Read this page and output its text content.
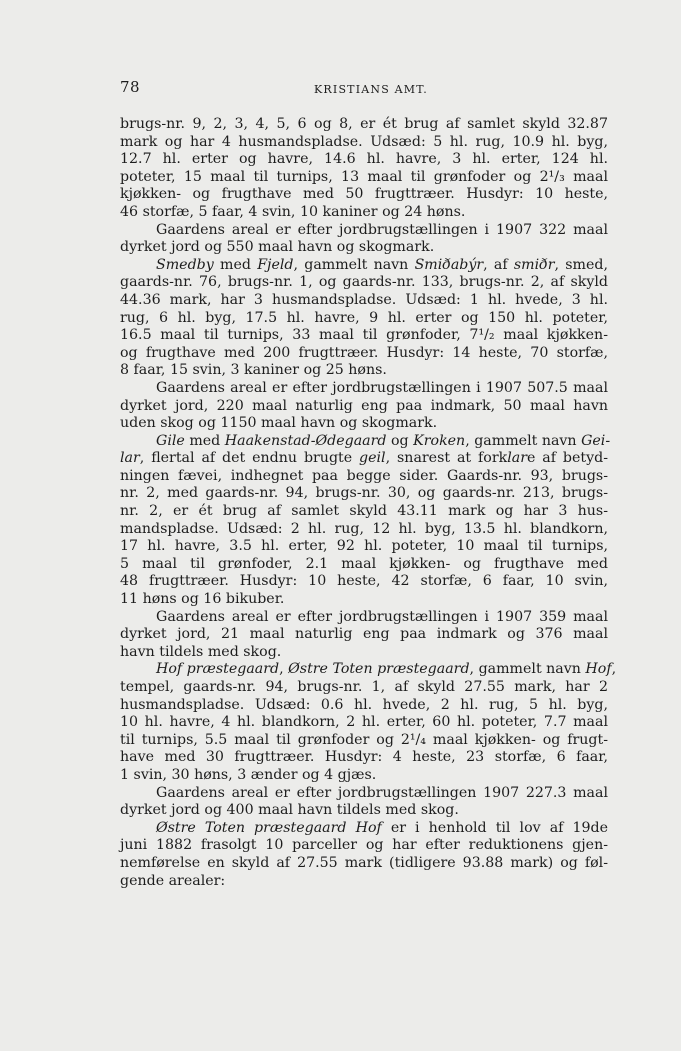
78	KRISTIANS AMT.
brugs-nr. 9, 2, 3, 4, 5, 6 og 8, er ét brug af samlet skyld 32.87
mark og har 4 husmandspladse. Udsæd: 5 hl. rug, 10.9 hl. byg,
12.7 hl. erter og havre, 14.6 hl. havre, 3 hl. erter, 124 hl.
poteter, 15 maal til turnips, 13 maal til grønfoder og 2¹/₃ maal
kjøkken- og frugthave med 50 frugttræer. Husdyr: 10 heste,
46 storfæ, 5 faar, 4 svin, 10 kaniner og 24 høns.
Gaardens areal er efter jordbrugstællingen i 1907 322 maal
dyrket jord og 550 maal havn og skogmark.
Smedby med Fjeld, gammelt navn Smiðabýr, af smiðr, smed,
gaards-nr. 76, brugs-nr. 1, og gaards-nr. 133, brugs-nr. 2, af skyld
44.36 mark, har 3 husmandspladse. Udsæd: 1 hl. hvede, 3 hl.
rug, 6 hl. byg, 17.5 hl. havre, 9 hl. erter og 150 hl. poteter,
16.5 maal til turnips, 33 maal til grønfoder, 7¹/₂ maal kjøkken-
og frugthave med 200 frugttræer. Husdyr: 14 heste, 70 storfæ,
8 faar, 15 svin, 3 kaniner og 25 høns.
Gaardens areal er efter jordbrugstællingen i 1907 507.5 maal
dyrket jord, 220 maal naturlig eng paa indmark, 50 maal havn
uden skog og 1150 maal havn og skogmark.
Gile med Haakenstad-Ødegaard og Kroken, gammelt navn Gei-
lar, flertal af det endnu brugte geil, snarest at forklare af betyd-
ningen fævei, indhegnet paa begge sider. Gaards-nr. 93, brugs-
nr. 2, med gaards-nr. 94, brugs-nr. 30, og gaards-nr. 213, brugs-
nr. 2, er ét brug af samlet skyld 43.11 mark og har 3 hus-
mandspladse. Udsæd: 2 hl. rug, 12 hl. byg, 13.5 hl. blandkorn,
17 hl. havre, 3.5 hl. erter, 92 hl. poteter, 10 maal til turnips,
5 maal til grønfoder, 2.1 maal kjøkken- og frugthave med
48 frugttræer. Husdyr: 10 heste, 42 storfæ, 6 faar, 10 svin,
11 høns og 16 bikuber.
Gaardens areal er efter jordbrugstællingen i 1907 359 maal
dyrket jord, 21 maal naturlig eng paa indmark og 376 maal
havn tildels med skog.
Hof præstegaard, Østre Toten præstegaard, gammelt navn Hof,
tempel, gaards-nr. 94, brugs-nr. 1, af skyld 27.55 mark, har 2
husmandspladse. Udsæd: 0.6 hl. hvede, 2 hl. rug, 5 hl. byg,
10 hl. havre, 4 hl. blandkorn, 2 hl. erter, 60 hl. poteter, 7.7 maal
til turnips, 5.5 maal til grønfoder og 2¹/₄ maal kjøkken- og frugt-
have med 30 frugttræer. Husdyr: 4 heste, 23 storfæ, 6 faar,
1 svin, 30 høns, 3 ænder og 4 gjæs.
Gaardens areal er efter jordbrugstællingen 1907 227.3 maal
dyrket jord og 400 maal havn tildels med skog.
Østre Toten præstegaard Hof er i henhold til lov af 19de
juni 1882 frasolgt 10 parceller og har efter reduktionens gjen-
nemførelse en skyld af 27.55 mark (tidligere 93.88 mark) og føl-
gende arealer:
